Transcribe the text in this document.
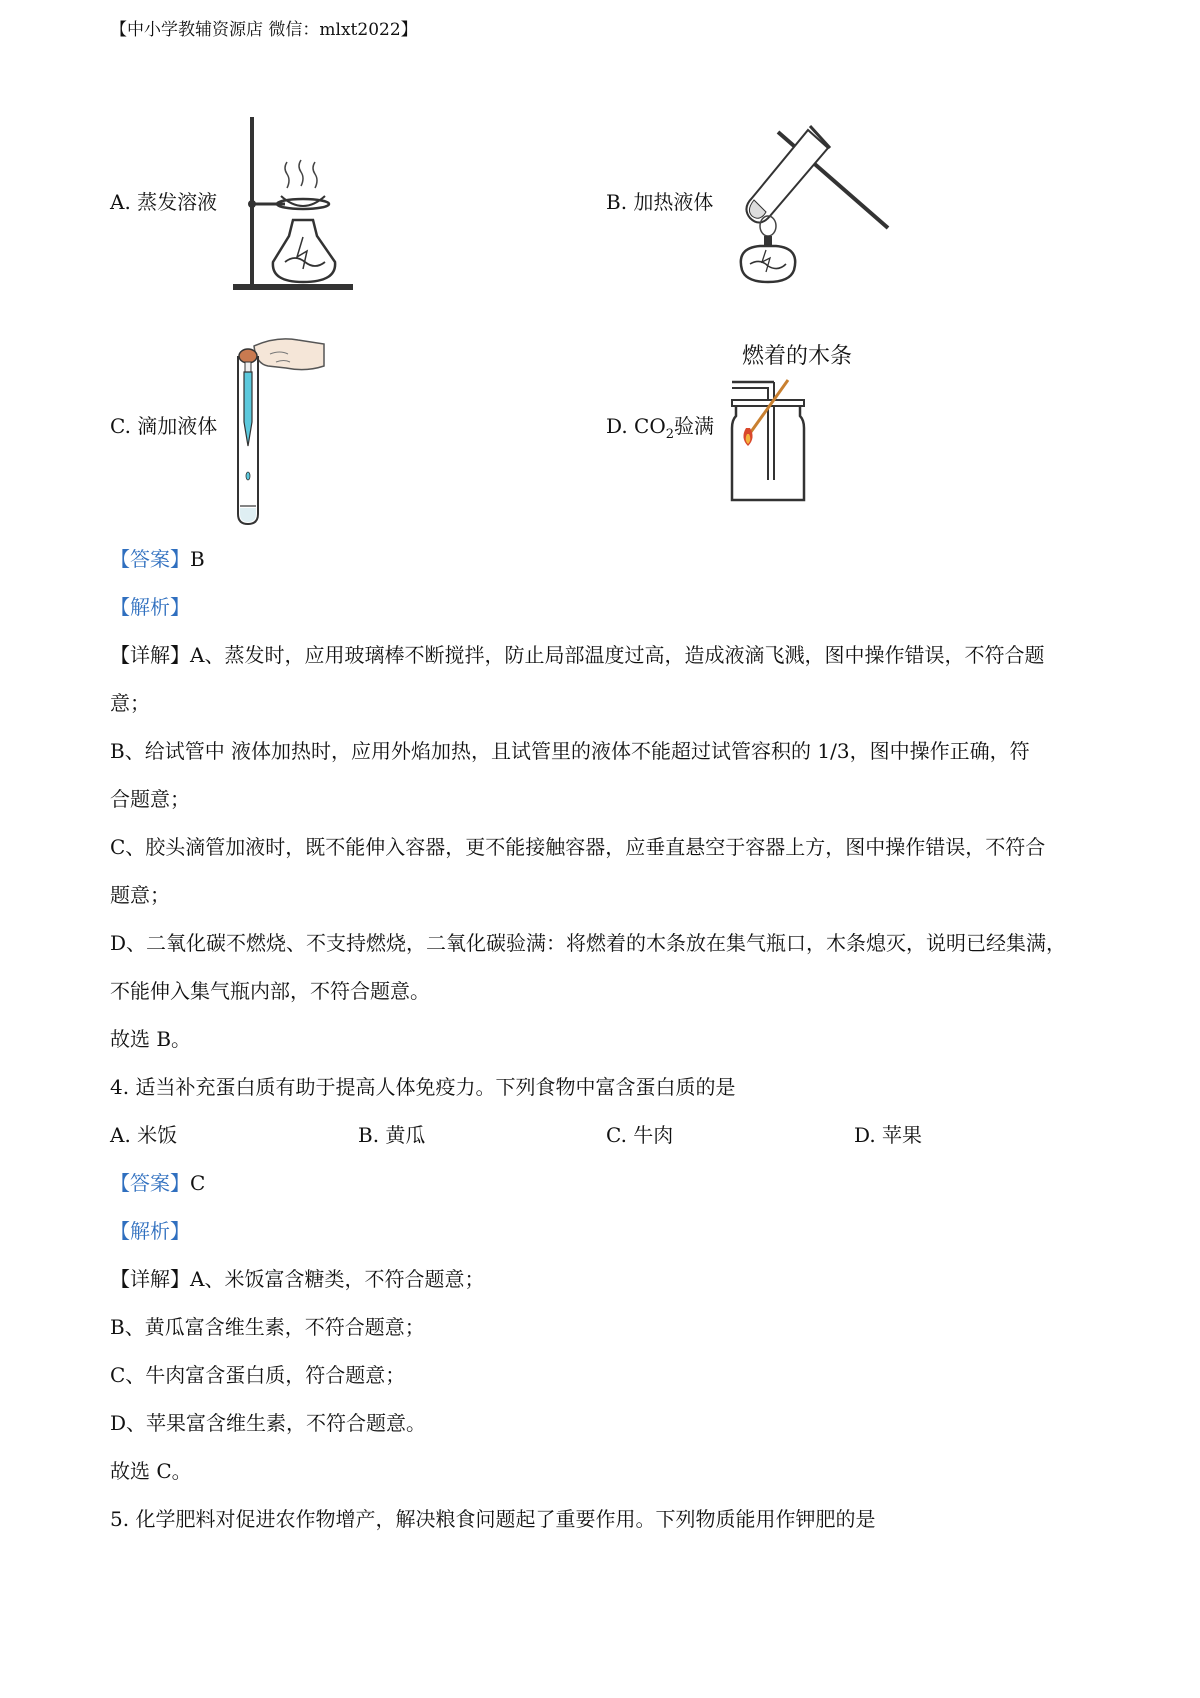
【中小学教辅资源店 微信：mlxt2022】
A. 蒸发溶液	B. 加热液体
C. 滴加液体	D. $CO_2$验满
燃着的木条
【答案】B
【解析】
【详解】A、蒸发时，应用玻璃棒不断搅拌，防止局部温度过高，造成液滴飞溅，图中操作错误，不符合题
意；
B、给试管中 液体加热时，应用外焰加热，且试管里的液体不能超过试管容积的 1/3，图中操作正确，符
合题意；
C、胶头滴管加液时，既不能伸入容器，更不能接触容器，应垂直悬空于容器上方，图中操作错误，不符合
题意；
D、二氧化碳不燃烧、不支持燃烧，二氧化碳验满：将燃着的木条放在集气瓶口，木条熄灭，说明已经集满，
不能伸入集气瓶内部，不符合题意。
故选 B。
4. 适当补充蛋白质有助于提高人体免疫力。下列食物中富含蛋白质的是
A. 米饭	B. 黄瓜	C. 牛肉	D. 苹果
【答案】C
【解析】
【详解】A、米饭富含糖类，不符合题意；
B、黄瓜富含维生素，不符合题意；
C、牛肉富含蛋白质，符合题意；
D、苹果富含维生素，不符合题意。
故选 C。
5. 化学肥料对促进农作物增产，解决粮食问题起了重要作用。下列物质能用作钾肥的是
